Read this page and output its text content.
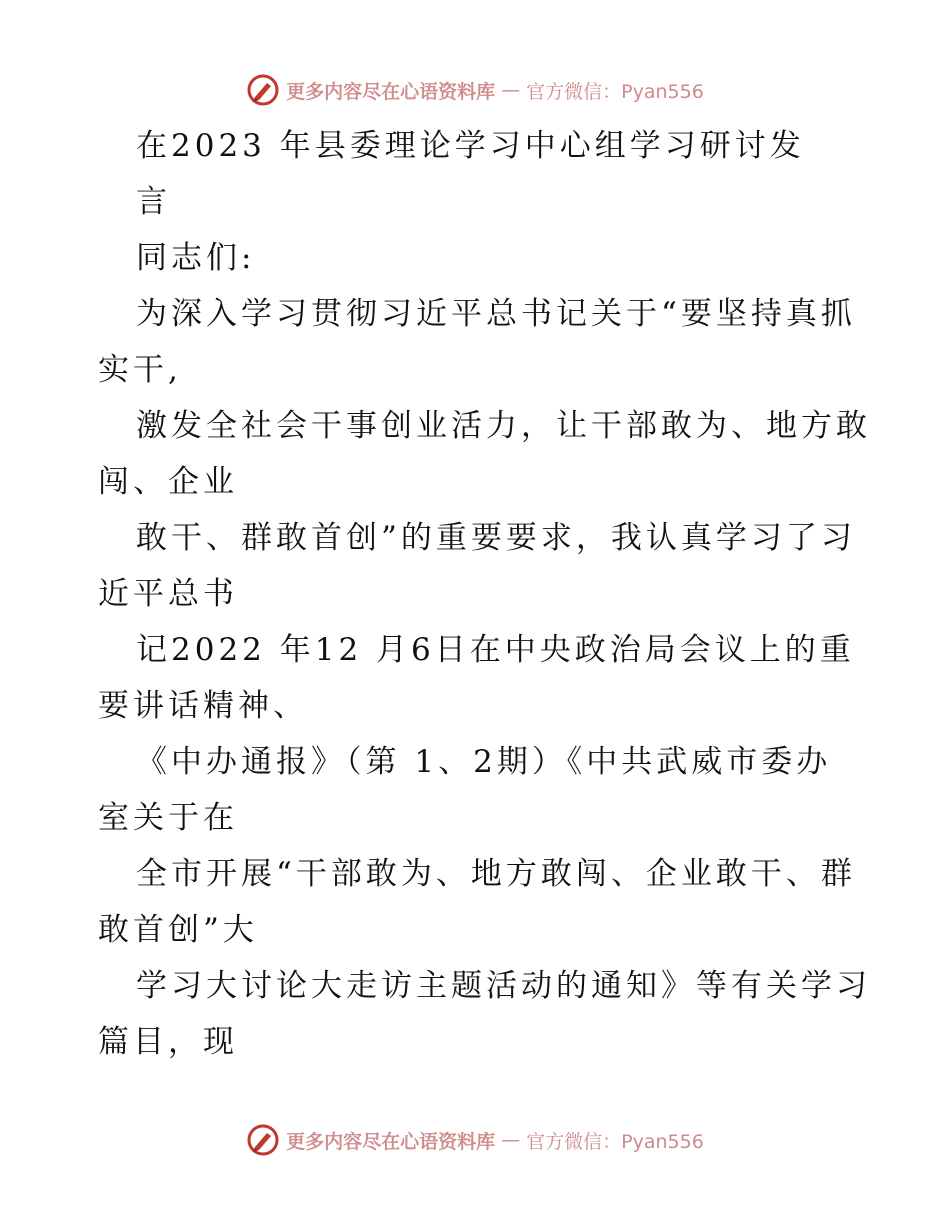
更多内容尽在心语资料库 — 官方微信：Pyan556
在2023 年县委理论学习中心组学习研讨发
言
同志们:
为深入学习贯彻习近平总书记关于“要坚持真抓
实干,
激发全社会干事创业活力，让干部敢为、地方敢
闯、企业
敢干、群敢首创”的重要要求，我认真学习了习
近平总书
记2022 年12 月6日在中央政治局会议上的重
要讲话精神、
《中办通报》（第 1、2期）《中共武威市委办
室关于在
全市开展“干部敢为、地方敢闯、企业敢干、群
敢首创”大
学习大讨论大走访主题活动的通知》等有关学习
篇目，现
更多内容尽在心语资料库 — 官方微信：Pyan556
